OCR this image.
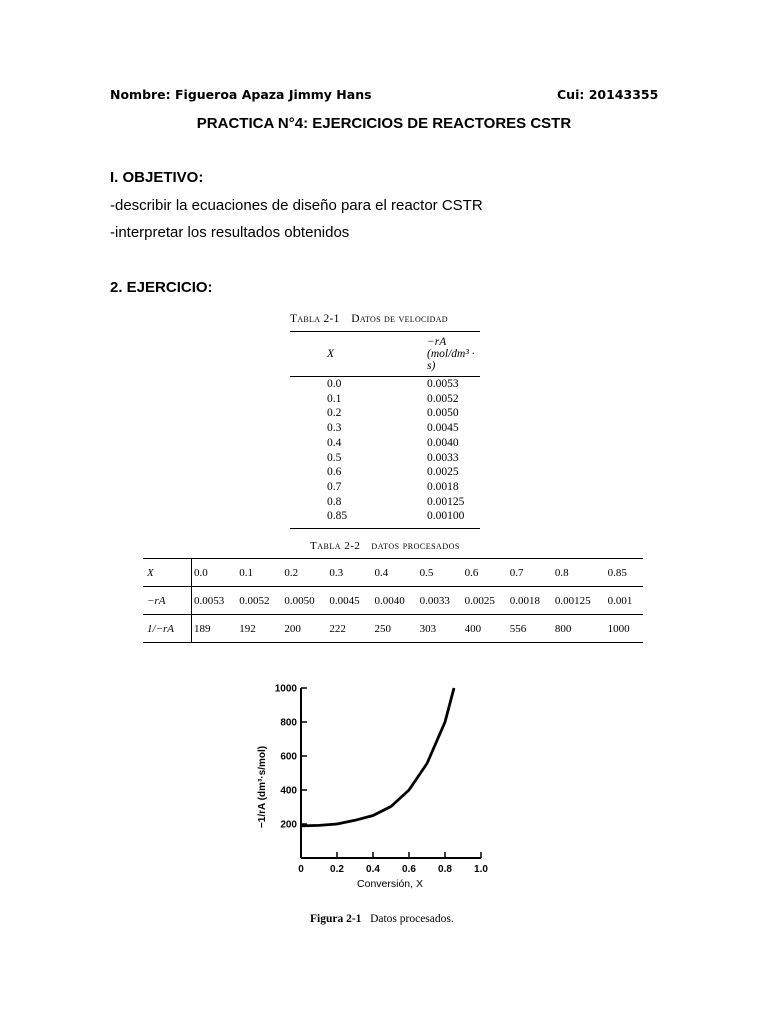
Nombre: Figueroa Apaza Jimmy Hans	Cui: 20143355
PRACTICA N°4: EJERCICIOS DE REACTORES CSTR
I. OBJETIVO:
-describir la ecuaciones de diseño para el reactor CSTR
-interpretar los resultados obtenidos
2. EJERCICIO:
Tabla 2-1 Datos de velocidad
X	−rA (mol/dm³ · s)
0.0	0.0053
0.1	0.0052
0.2	0.0050
0.3	0.0045
0.4	0.0040
0.5	0.0033
0.6	0.0025
0.7	0.0018
0.8	0.00125
0.85	0.00100
Tabla 2-2 datos procesados
X	0.0	0.1	0.2	0.3	0.4	0.5	0.6	0.7	0.8	0.85
−rA	0.0053	0.0052	0.0050	0.0045	0.0040	0.0033	0.0025	0.0018	0.00125	0.001
1/−rA	189	192	200	222	250	303	400	556	800	1000
200
400
600
800
1000
0	0.2 0.4 0.6 0.8 1.0
−1/rA (dm³·s/mol)
Conversión, X
Figura 2-1 Datos procesados.
